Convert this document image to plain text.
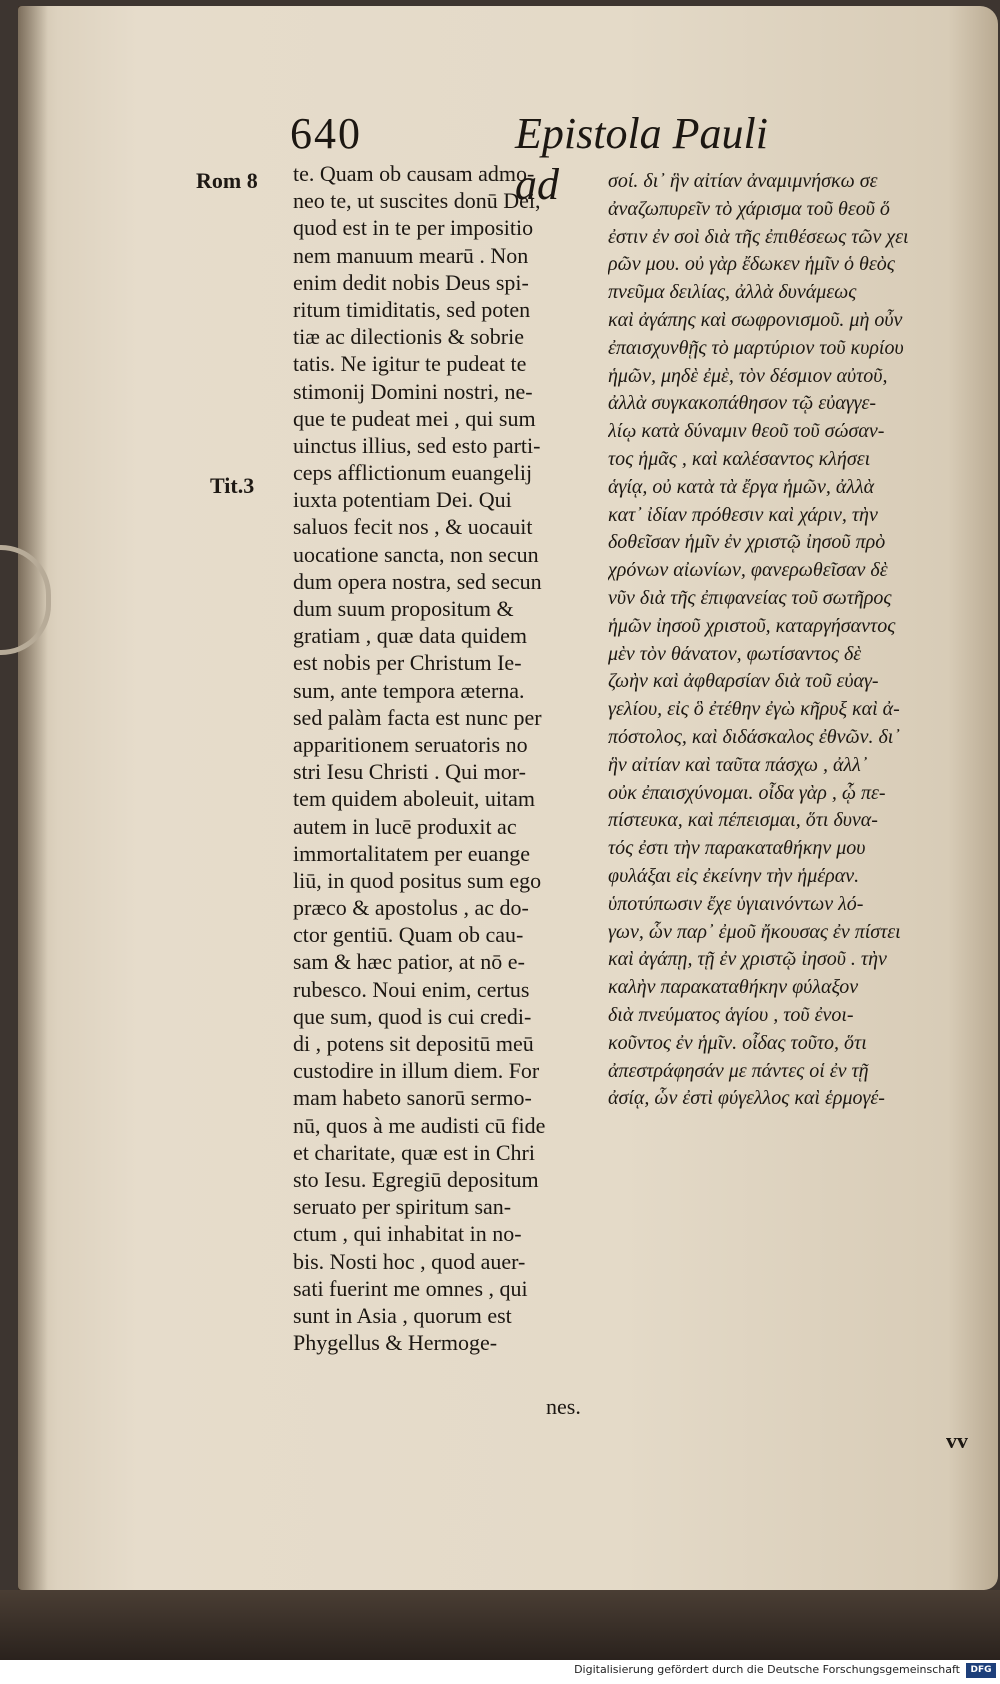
640	Epistola Pauli ad
Rom 8
Tit.3
te. Quam ob causam admo-
neo te, ut suscites donū Dei,
quod est in te per impositio
nem manuum mearū . Non
enim dedit nobis Deus spi-
ritum timiditatis, sed poten
tiæ ac dilectionis & sobrie
tatis. Ne igitur te pudeat te
stimonij Domini nostri, ne-
que te pudeat mei , qui sum
uinctus illius, sed esto parti-
ceps afflictionum euangelij
iuxta potentiam Dei. Qui
saluos fecit nos , & uocauit
uocatione sancta, non secun
dum opera nostra, sed secun
dum suum propositum &
gratiam , quæ data quidem
est nobis per Christum Ie-
sum, ante tempora æterna.
sed palàm facta est nunc per
apparitionem seruatoris no
stri Iesu Christi . Qui mor-
tem quidem aboleuit, uitam
autem in lucē produxit ac
immortalitatem per euange
liū, in quod positus sum ego
præco & apostolus , ac do-
ctor gentiū. Quam ob cau-
sam & hæc patior, at nō e-
rubesco. Noui enim, certus
que sum, quod is cui credi-
di , potens sit depositū meū
custodire in illum diem. For
mam habeto sanorū sermo-
nū, quos à me audisti cū fide
et charitate, quæ est in Chri
sto Iesu. Egregiū depositum
seruato per spiritum san-
ctum , qui inhabitat in no-
bis. Nosti hoc , quod auer-
sati fuerint me omnes , qui
sunt in Asia , quorum est
Phygellus & Hermoge-
nes.
σοί. δι᾽ ἣν αἰτίαν ἀναμιμνήσκω σε
ἀναζωπυρεῖν τὸ χάρισμα τοῦ θεοῦ ὅ
ἐστιν ἐν σοὶ διὰ τῆς ἐπιθέσεως τῶν χει
ρῶν μου. οὐ γὰρ ἔδωκεν ἡμῖν ὁ θεὸς
πνεῦμα δειλίας, ἀλλὰ δυνάμεως
καὶ ἀγάπης καὶ σωφρονισμοῦ. μὴ οὖν
ἐπαισχυνθῇς τὸ μαρτύριον τοῦ κυρίου
ἡμῶν, μηδὲ ἐμὲ, τὸν δέσμιον αὐτοῦ,
ἀλλὰ συγκακοπάθησον τῷ εὐαγγε-
λίῳ κατὰ δύναμιν θεοῦ τοῦ σώσαν-
τος ἡμᾶς , καὶ καλέσαντος κλήσει
ἁγίᾳ, οὐ κατὰ τὰ ἔργα ἡμῶν, ἀλλὰ
κατ᾽ ἰδίαν πρόθεσιν καὶ χάριν, τὴν
δοθεῖσαν ἡμῖν ἐν χριστῷ ἰησοῦ πρὸ
χρόνων αἰωνίων, φανερωθεῖσαν δὲ
νῦν διὰ τῆς ἐπιφανείας τοῦ σωτῆρος
ἡμῶν ἰησοῦ χριστοῦ, καταργήσαντος
μὲν τὸν θάνατον, φωτίσαντος δὲ
ζωὴν καὶ ἀφθαρσίαν διὰ τοῦ εὐαγ-
γελίου, εἰς ὃ ἐτέθην ἐγὼ κῆρυξ καὶ ἀ-
πόστολος, καὶ διδάσκαλος ἐθνῶν. δι᾽
ἣν αἰτίαν καὶ ταῦτα πάσχω , ἀλλ᾽
οὐκ ἐπαισχύνομαι. οἶδα γὰρ , ᾧ πε-
πίστευκα, καὶ πέπεισμαι, ὅτι δυνα-
τός ἐστι τὴν παρακαταθήκην μου
φυλάξαι εἰς ἐκείνην τὴν ἡμέραν.
ὑποτύπωσιν ἔχε ὑγιαινόντων λό-
γων, ὧν παρ᾽ ἐμοῦ ἤκουσας ἐν πίστει
καὶ ἀγάπῃ, τῇ ἐν χριστῷ ἰησοῦ . τὴν
καλὴν παρακαταθήκην φύλαξον
διὰ πνεύματος ἁγίου , τοῦ ἐνοι-
κοῦντος ἐν ἡμῖν. οἶδας τοῦτο, ὅτι
ἀπεστράφησάν με πάντες οἱ ἐν τῇ
ἀσίᾳ, ὧν ἐστὶ φύγελλος καὶ ἑρμογέ-
vv
Digitalisierung gefördert durch die Deutsche Forschungsgemeinschaft	DFG
